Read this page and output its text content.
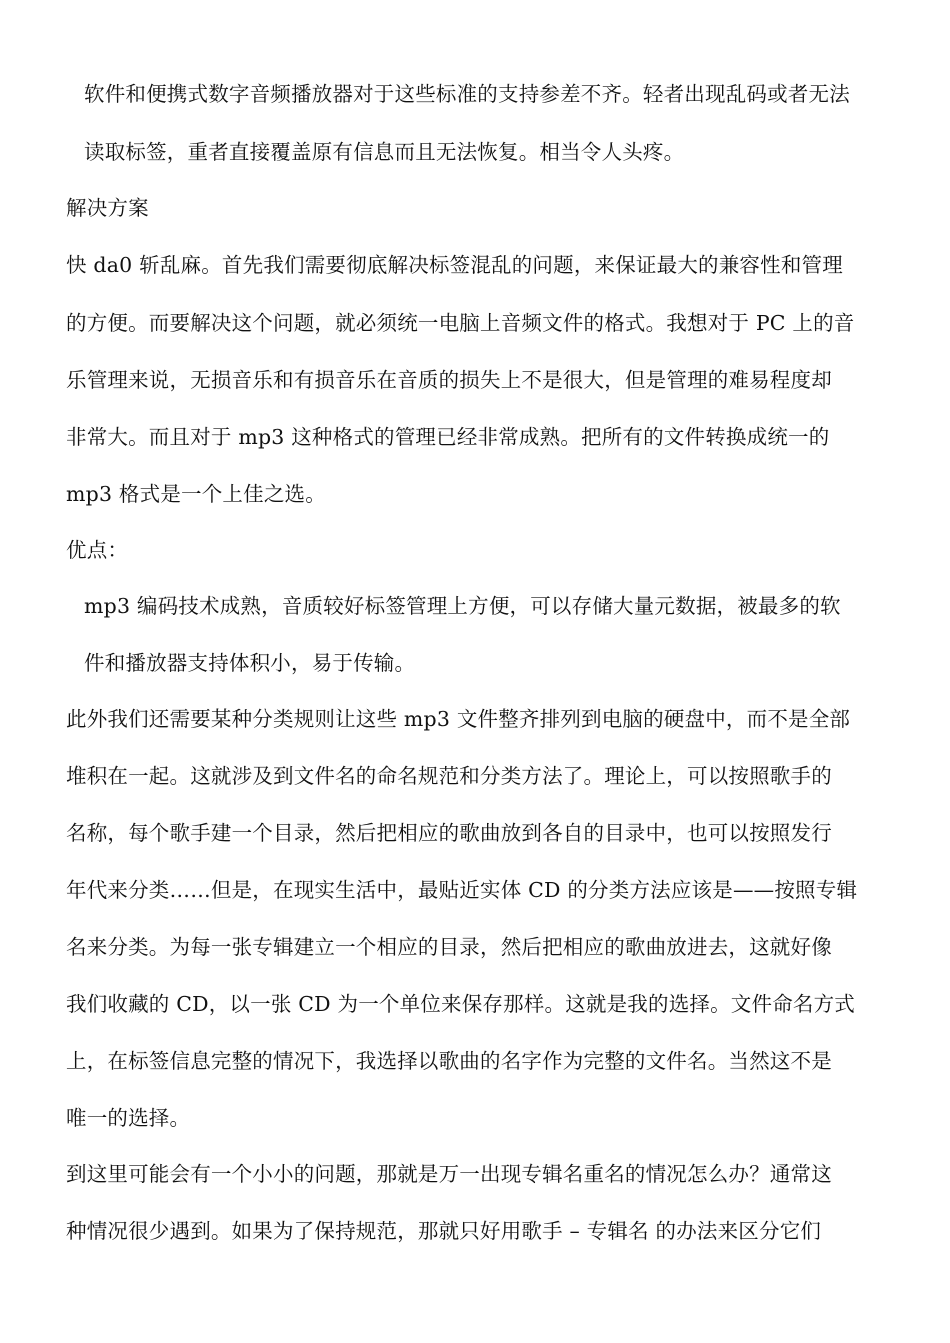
软件和便携式数字音频播放器对于这些标准的支持参差不齐。轻者出现乱码或者无法
读取标签，重者直接覆盖原有信息而且无法恢复。相当令人头疼。
解决方案
快 da0 斩乱麻。首先我们需要彻底解决标签混乱的问题，来保证最大的兼容性和管理
的方便。而要解决这个问题，就必须统一电脑上音频文件的格式。我想对于 PC 上的音
乐管理来说，无损音乐和有损音乐在音质的损失上不是很大，但是管理的难易程度却
非常大。而且对于 mp3 这种格式的管理已经非常成熟。把所有的文件转换成统一的
mp3 格式是一个上佳之选。
优点：
mp3 编码技术成熟，音质较好标签管理上方便，可以存储大量元数据，被最多的软
件和播放器支持体积小，易于传输。
此外我们还需要某种分类规则让这些 mp3 文件整齐排列到电脑的硬盘中，而不是全部
堆积在一起。这就涉及到文件名的命名规范和分类方法了。理论上，可以按照歌手的
名称，每个歌手建一个目录，然后把相应的歌曲放到各自的目录中，也可以按照发行
年代来分类……但是，在现实生活中，最贴近实体 CD 的分类方法应该是——按照专辑
名来分类。为每一张专辑建立一个相应的目录，然后把相应的歌曲放进去，这就好像
我们收藏的 CD，以一张 CD 为一个单位来保存那样。这就是我的选择。文件命名方式
上，在标签信息完整的情况下，我选择以歌曲的名字作为完整的文件名。当然这不是
唯一的选择。
到这里可能会有一个小小的问题，那就是万一出现专辑名重名的情况怎么办？通常这
种情况很少遇到。如果为了保持规范，那就只好用歌手 – 专辑名 的办法来区分它们
